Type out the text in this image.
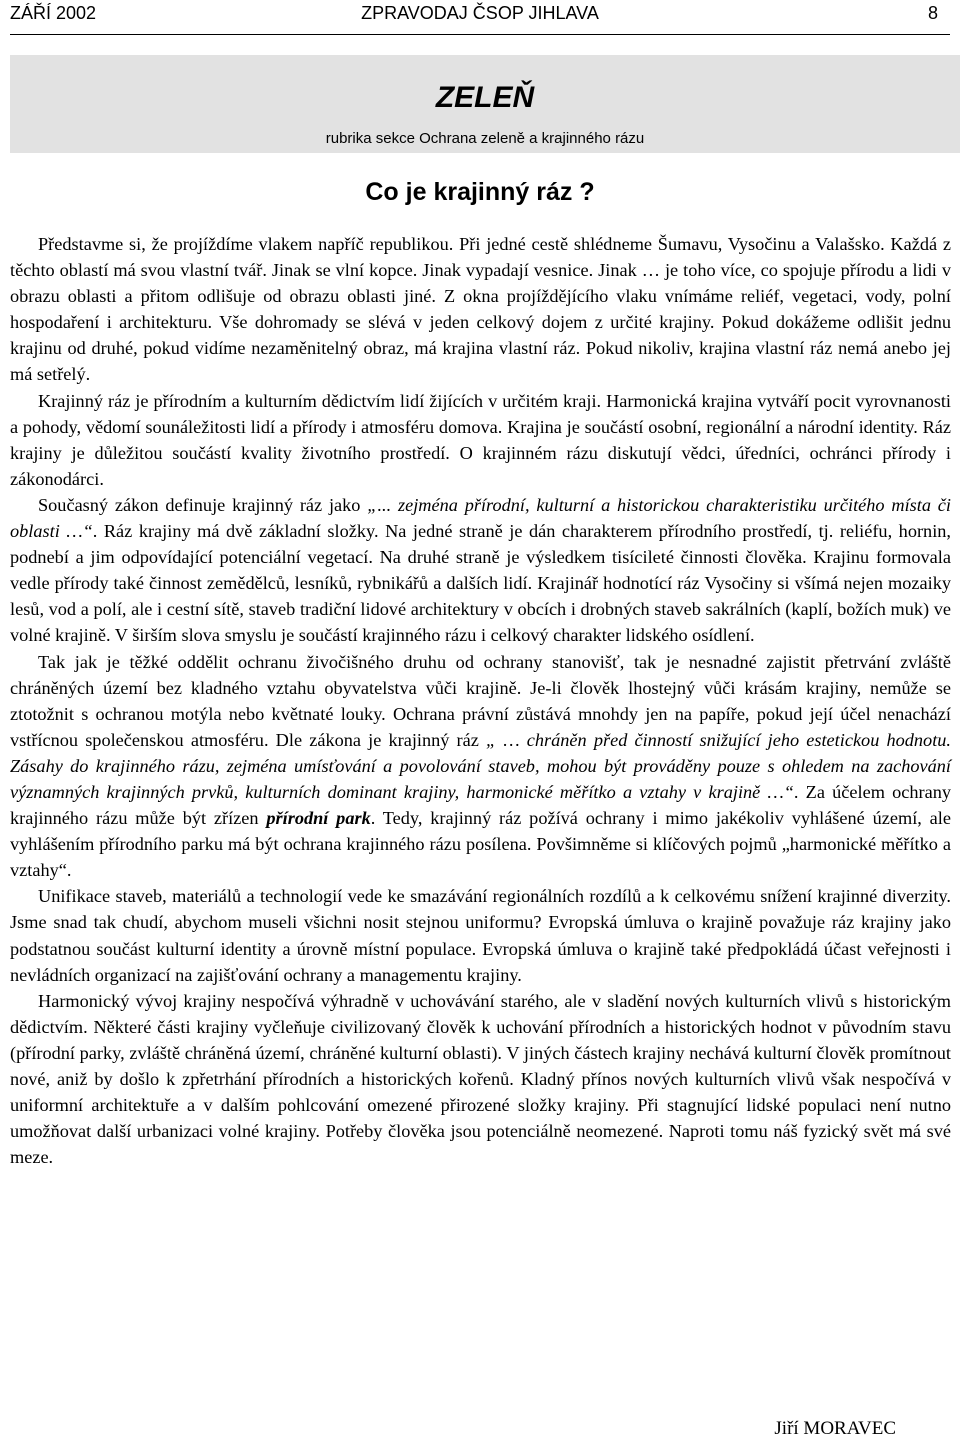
ZPRAVODAJ ČSOP JIHLAVA
ZÁŘÍ 2002	8
ZELEŇ
rubrika sekce Ochrana zeleně a krajinného rázu
Co je krajinný ráz ?

Představme si, že projíždíme vlakem napříč republikou. Při jedné cestě shlédneme Šumavu, Vysočinu a Valašsko. Každá z těchto oblastí má svou vlastní tvář. Jinak se vlní kopce. Jinak vypadají vesnice. Jinak … je toho více, co spojuje přírodu a lidi v obrazu oblasti a přitom odlišuje od obrazu oblasti jiné. Z okna projíždějícího vlaku vnímáme reliéf, vegetaci, vody, polní hospodaření i architekturu. Vše dohromady se slévá v jeden celkový dojem z určité krajiny. Pokud dokážeme odlišit jednu krajinu od druhé, pokud vidíme nezaměnitelný obraz, má krajina vlastní ráz. Pokud nikoliv, krajina vlastní ráz nemá anebo jej má setřelý.

Krajinný ráz je přírodním a kulturním dědictvím lidí žijících v určitém kraji. Harmonická krajina vytváří pocit vyrovnanosti a pohody, vědomí sounáležitosti lidí a přírody i atmosféru domova. Krajina je součástí osobní, regionální a národní identity. Ráz krajiny je důležitou součástí kvality životního prostředí. O krajinném rázu diskutují vědci, úředníci, ochránci přírody i zákonodárci.

Současný zákon definuje krajinný ráz jako „... zejména přírodní, kulturní a historickou charakteristiku určitého místa či oblasti …“. Ráz krajiny má dvě základní složky. Na jedné straně je dán charakterem přírodního prostředí, tj. reliéfu, hornin, podnebí a jim odpovídající potenciální vegetací. Na druhé straně je výsledkem tisícileté činnosti člověka. Krajinu formovala vedle přírody také činnost zemědělců, lesníků, rybnikářů a dalších lidí. Krajinář hodnotící ráz Vysočiny si všímá nejen mozaiky lesů, vod a polí, ale i cestní sítě, staveb tradiční lidové architektury v obcích i drobných staveb sakrálních (kaplí, božích muk) ve volné krajině. V širším slova smyslu je součástí krajinného rázu i celkový charakter lidského osídlení.

Tak jak je těžké oddělit ochranu živočišného druhu od ochrany stanovišť, tak je nesnadné zajistit přetrvání zvláště chráněných území bez kladného vztahu obyvatelstva vůči krajině. Je-li člověk lhostejný vůči krásám krajiny, nemůže se ztotožnit s ochranou motýla nebo květnaté louky. Ochrana právní zůstává mnohdy jen na papíře, pokud její účel nenachází vstřícnou společenskou atmosféru. Dle zákona je krajinný ráz „ … chráněn před činností snižující jeho estetickou hodnotu. Zásahy do krajinného rázu, zejména umísťování a povolování staveb, mohou být prováděny pouze s ohledem na zachování významných krajinných prvků, kulturních dominant krajiny, harmonické měřítko a vztahy v krajině …“. Za účelem ochrany krajinného rázu může být zřízen přírodní park. Tedy, krajinný ráz požívá ochrany i mimo jakékoliv vyhlášené území, ale vyhlášením přírodního parku má být ochrana krajinného rázu posílena. Povšimněme si klíčových pojmů „harmonické měřítko a vztahy“.

Unifikace staveb, materiálů a technologií vede ke smazávání regionálních rozdílů a k celkovému snížení krajinné diverzity. Jsme snad tak chudí, abychom museli všichni nosit stejnou uniformu? Evropská úmluva o krajině považuje ráz krajiny jako podstatnou součást kulturní identity a úrovně místní populace. Evropská úmluva o krajině také předpokládá účast veřejnosti i nevládních organizací na zajišťování ochrany a managementu krajiny.

Harmonický vývoj krajiny nespočívá výhradně v uchovávání starého, ale v sladění nových kulturních vlivů s historickým dědictvím. Některé části krajiny vyčleňuje civilizovaný člověk k uchování přírodních a historických hodnot v původním stavu (přírodní parky, zvláště chráněná území, chráněné kulturní oblasti). V jiných částech krajiny nechává kulturní člověk promítnout nové, aniž by došlo k zpřetrhání přírodních a historických kořenů. Kladný přínos nových kulturních vlivů však nespočívá v uniformní architektuře a v dalším pohlcování omezené přirozené složky krajiny. Při stagnující lidské populaci není nutno umožňovat další urbanizaci volné krajiny. Potřeby člověka jsou potenciálně neomezené. Naproti tomu náš fyzický svět má své meze.

Jiří MORAVEC
